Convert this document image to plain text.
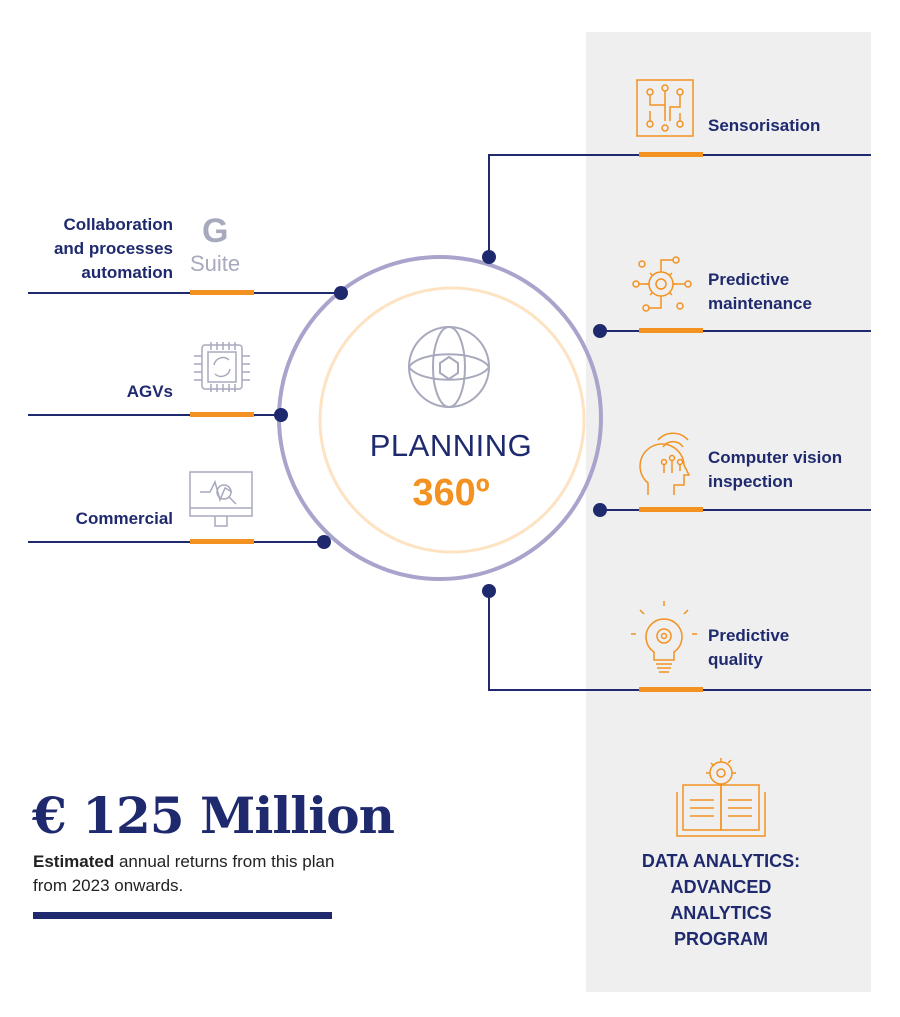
G
Suite
PLANNING
360º
Collaboration
and processes
automation
AGVs
Commercial
Sensorisation
Predictive
maintenance
Computer vision
inspection
Predictive
quality
DATA ANALYTICS:
ADVANCED
ANALYTICS
PROGRAM
€ 125 Million
Estimated annual returns from this plan from 2023 onwards.
